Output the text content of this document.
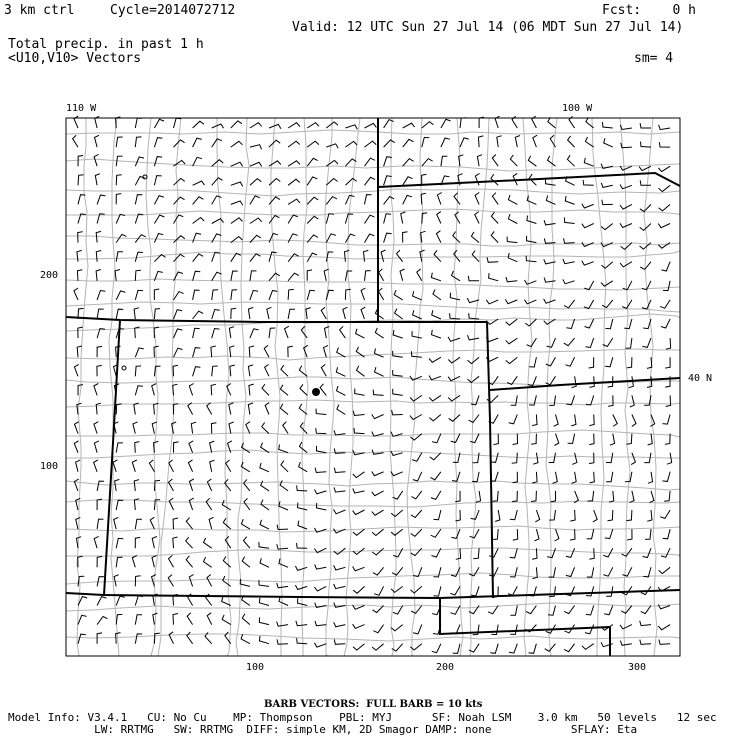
3 km ctrl	Cycle=2014072712	Fcst:    0 h
Valid: 12 UTC Sun 27 Jul 14 (06 MDT Sun 27 Jul 14)
Total precip. in past 1 h
<U10,V10> Vectors	sm= 4
110 W	100 W
40 N
200
100
100	200	300
BARB VECTORS:  FULL BARB = 10 kts
Model Info: V3.4.1   CU: No Cu    MP: Thompson    PBL: MYJ      SF: Noah LSM    3.0 km   50 levels   12 sec
LW: RRTMG   SW: RRTMG  DIFF: simple KM, 2D Smagor DAMP: none            SFLAY: Eta
